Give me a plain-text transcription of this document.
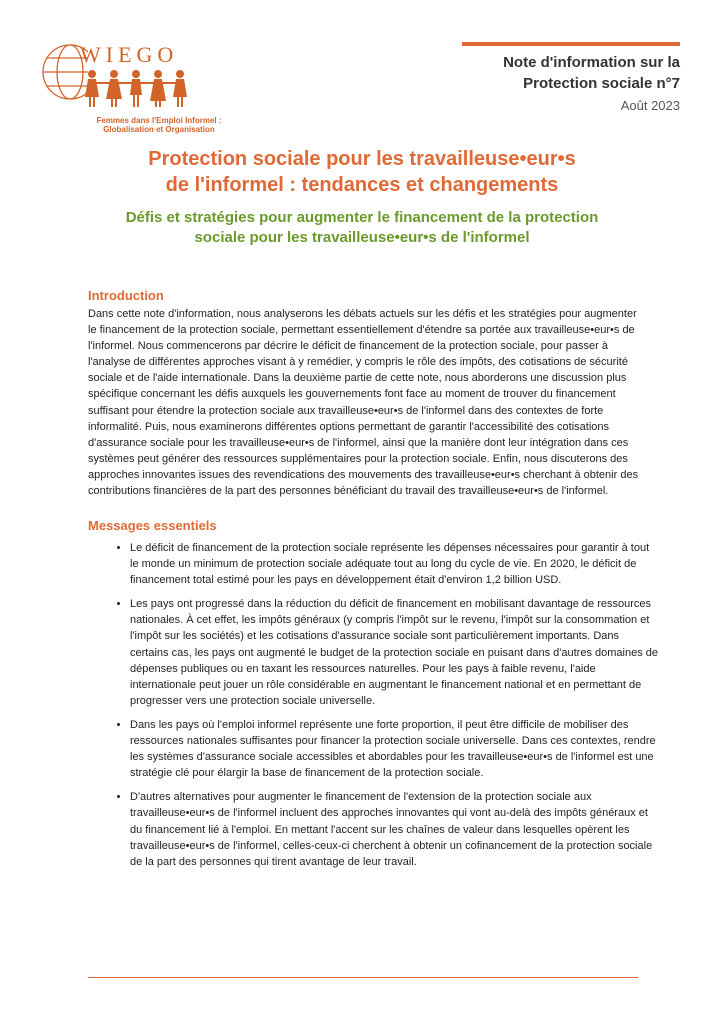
WIEGO
Femmes dans l'Emploi Informel :
Globalisation et Organisation
Note d'information sur la
Protection sociale n°7
Août 2023
Protection sociale pour les travailleuse•eur•s
de l'informel : tendances et changements
Défis et stratégies pour augmenter le financement de la protection
sociale pour les travailleuse•eur•s de l'informel
Introduction

Dans cette note d'information, nous analyserons les débats actuels sur les défis et les stratégies pour augmenter le financement de la protection sociale, permettant essentiellement d'étendre sa portée aux travailleuse•eur•s de l'informel. Nous commencerons par décrire le déficit de financement de la protection sociale, pour passer à l'analyse de différentes approches visant à y remédier, y compris le rôle des impôts, des cotisations de sécurité sociale et de l'aide internationale. Dans la deuxième partie de cette note, nous aborderons une discussion plus spécifique concernant les défis auxquels les gouvernements font face au moment de trouver du financement suffisant pour étendre la protection sociale aux travailleuse•eur•s de l'informel dans des contextes de forte informalité. Puis, nous examinerons différentes options permettant de garantir l'accessibilité des cotisations d'assurance sociale pour les travailleuse•eur•s de l'informel, ainsi que la manière dont leur intégration dans ces systèmes peut générer des ressources supplémentaires pour la protection sociale. Enfin, nous discuterons des approches innovantes issues des revendications des mouvements des travailleuse•eur•s cherchant à obtenir des contributions financières de la part des personnes bénéficiant du travail des travailleuse•eur•s de l'informel.

Messages essentiels
• Le déficit de financement de la protection sociale représente les dépenses nécessaires pour garantir à tout le monde un minimum de protection sociale adéquate tout au long du cycle de vie. En 2020, le déficit de financement total estimé pour les pays en développement était d'environ 1,2 billion USD.
• Les pays ont progressé dans la réduction du déficit de financement en mobilisant davantage de ressources nationales. À cet effet, les impôts généraux (y compris l'impôt sur le revenu, l'impôt sur la consommation et l'impôt sur les sociétés) et les cotisations d'assurance sociale sont particulièrement importants. Dans certains cas, les pays ont augmenté le budget de la protection sociale en puisant dans d'autres domaines de dépenses publiques ou en taxant les ressources naturelles. Pour les pays à faible revenu, l'aide internationale peut jouer un rôle considérable en augmentant le financement national et en permettant de progresser vers une protection sociale universelle.
• Dans les pays où l'emploi informel représente une forte proportion, il peut être difficile de mobiliser des ressources nationales suffisantes pour financer la protection sociale universelle. Dans ces contextes, rendre les systèmes d'assurance sociale accessibles et abordables pour les travailleuse•eur•s de l'informel est une stratégie clé pour élargir la base de financement de la protection sociale.
• D'autres alternatives pour augmenter le financement de l'extension de la protection sociale aux travailleuse•eur•s de l'informel incluent des approches innovantes qui vont au-delà des impôts généraux et du financement lié à l'emploi. En mettant l'accent sur les chaînes de valeur dans lesquelles opèrent les travailleuse•eur•s de l'informel, celles-ceux-ci cherchent à obtenir un cofinancement de la protection sociale de la part des personnes qui tirent avantage de leur travail.
